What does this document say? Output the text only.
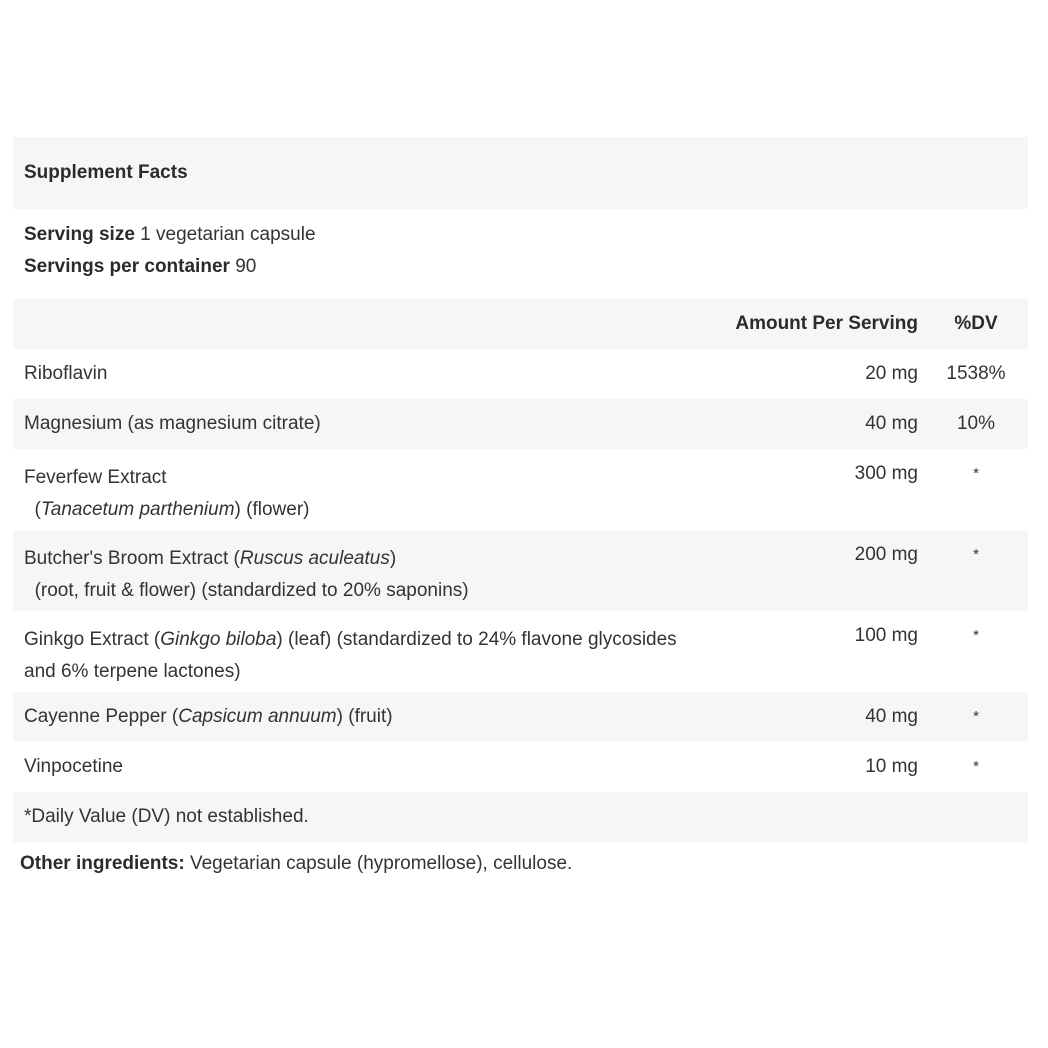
Supplement Facts
Serving size 1 vegetarian capsule
Servings per container 90
Amount Per Serving	%DV
Riboflavin	20 mg 1538%
Magnesium (as magnesium citrate)	40 mg	10%
Feverfew Extract
(Tanacetum parthenium) (flower)
300 mg	*
Butcher's Broom Extract (Ruscus aculeatus)
(root, fruit & flower) (standardized to 20% saponins)
200 mg	*
Ginkgo Extract (Ginkgo biloba) (leaf) (standardized to 24% flavone glycosides
and 6% terpene lactones)
100 mg	*
Cayenne Pepper (Capsicum annuum) (fruit)	40 mg	*
Vinpocetine	10 mg	*
*Daily Value (DV) not established.
Other ingredients: Vegetarian capsule (hypromellose), cellulose.
